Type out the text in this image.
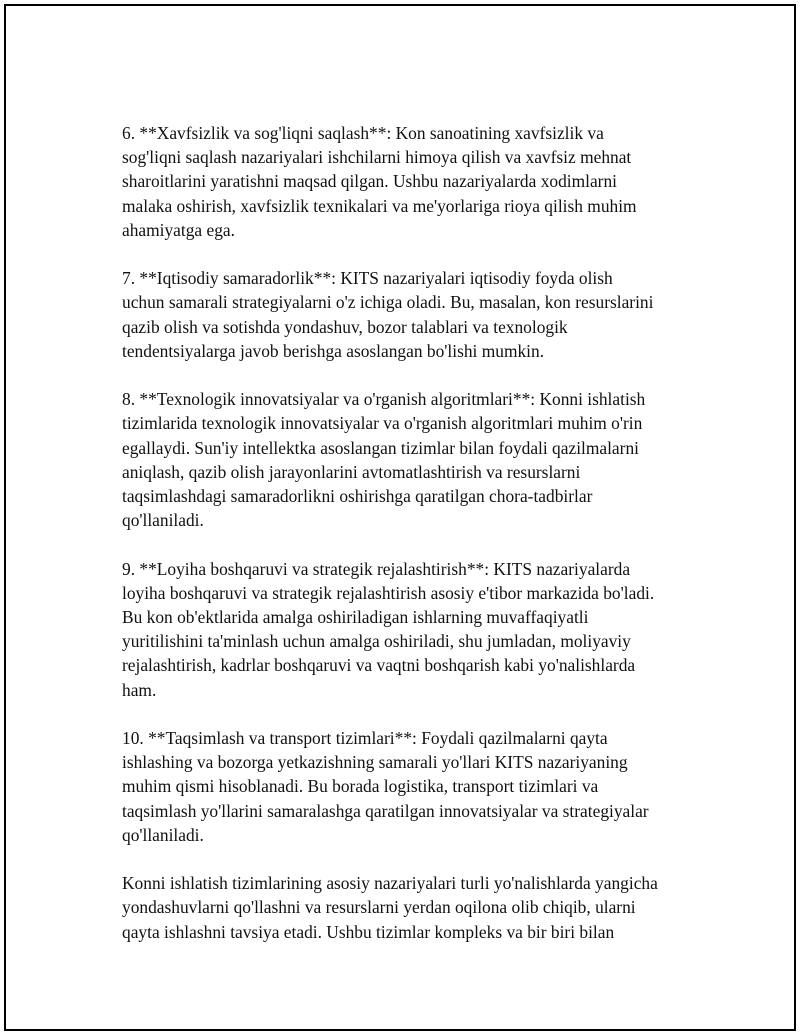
6. **Xavfsizlik va sog'liqni saqlash**: Kon sanoatining xavfsizlik va
sog'liqni saqlash nazariyalari ishchilarni himoya qilish va xavfsiz mehnat
sharoitlarini yaratishni maqsad qilgan. Ushbu nazariyalarda xodimlarni
malaka oshirish, xavfsizlik texnikalari va me'yorlariga rioya qilish muhim
ahamiyatga ega.

7. **Iqtisodiy samaradorlik**: KITS nazariyalari iqtisodiy foyda olish
uchun samarali strategiyalarni o'z ichiga oladi. Bu, masalan, kon resurslarini
qazib olish va sotishda yondashuv, bozor talablari va texnologik
tendentsiyalarga javob berishga asoslangan bo'lishi mumkin.

8. **Texnologik innovatsiyalar va o'rganish algoritmlari**: Konni ishlatish
tizimlarida texnologik innovatsiyalar va o'rganish algoritmlari muhim o'rin
egallaydi. Sun'iy intellektka asoslangan tizimlar bilan foydali qazilmalarni
aniqlash, qazib olish jarayonlarini avtomatlashtirish va resurslarni
taqsimlashdagi samaradorlikni oshirishga qaratilgan chora-tadbirlar
qo'llaniladi.

9. **Loyiha boshqaruvi va strategik rejalashtirish**: KITS nazariyalarda
loyiha boshqaruvi va strategik rejalashtirish asosiy e'tibor markazida bo'ladi.
Bu kon ob'ektlarida amalga oshiriladigan ishlarning muvaffaqiyatli
yuritilishini ta'minlash uchun amalga oshiriladi, shu jumladan, moliyaviy
rejalashtirish, kadrlar boshqaruvi va vaqtni boshqarish kabi yo'nalishlarda
ham.

10. **Taqsimlash va transport tizimlari**: Foydali qazilmalarni qayta
ishlashing va bozorga yetkazishning samarali yo'llari KITS nazariyaning
muhim qismi hisoblanadi. Bu borada logistika, transport tizimlari va
taqsimlash yo'llarini samaralashga qaratilgan innovatsiyalar va strategiyalar
qo'llaniladi.

Konni ishlatish tizimlarining asosiy nazariyalari turli yo'nalishlarda yangicha
yondashuvlarni qo'llashni va resurslarni yerdan oqilona olib chiqib, ularni
qayta ishlashni tavsiya etadi. Ushbu tizimlar kompleks va bir biri bilan
